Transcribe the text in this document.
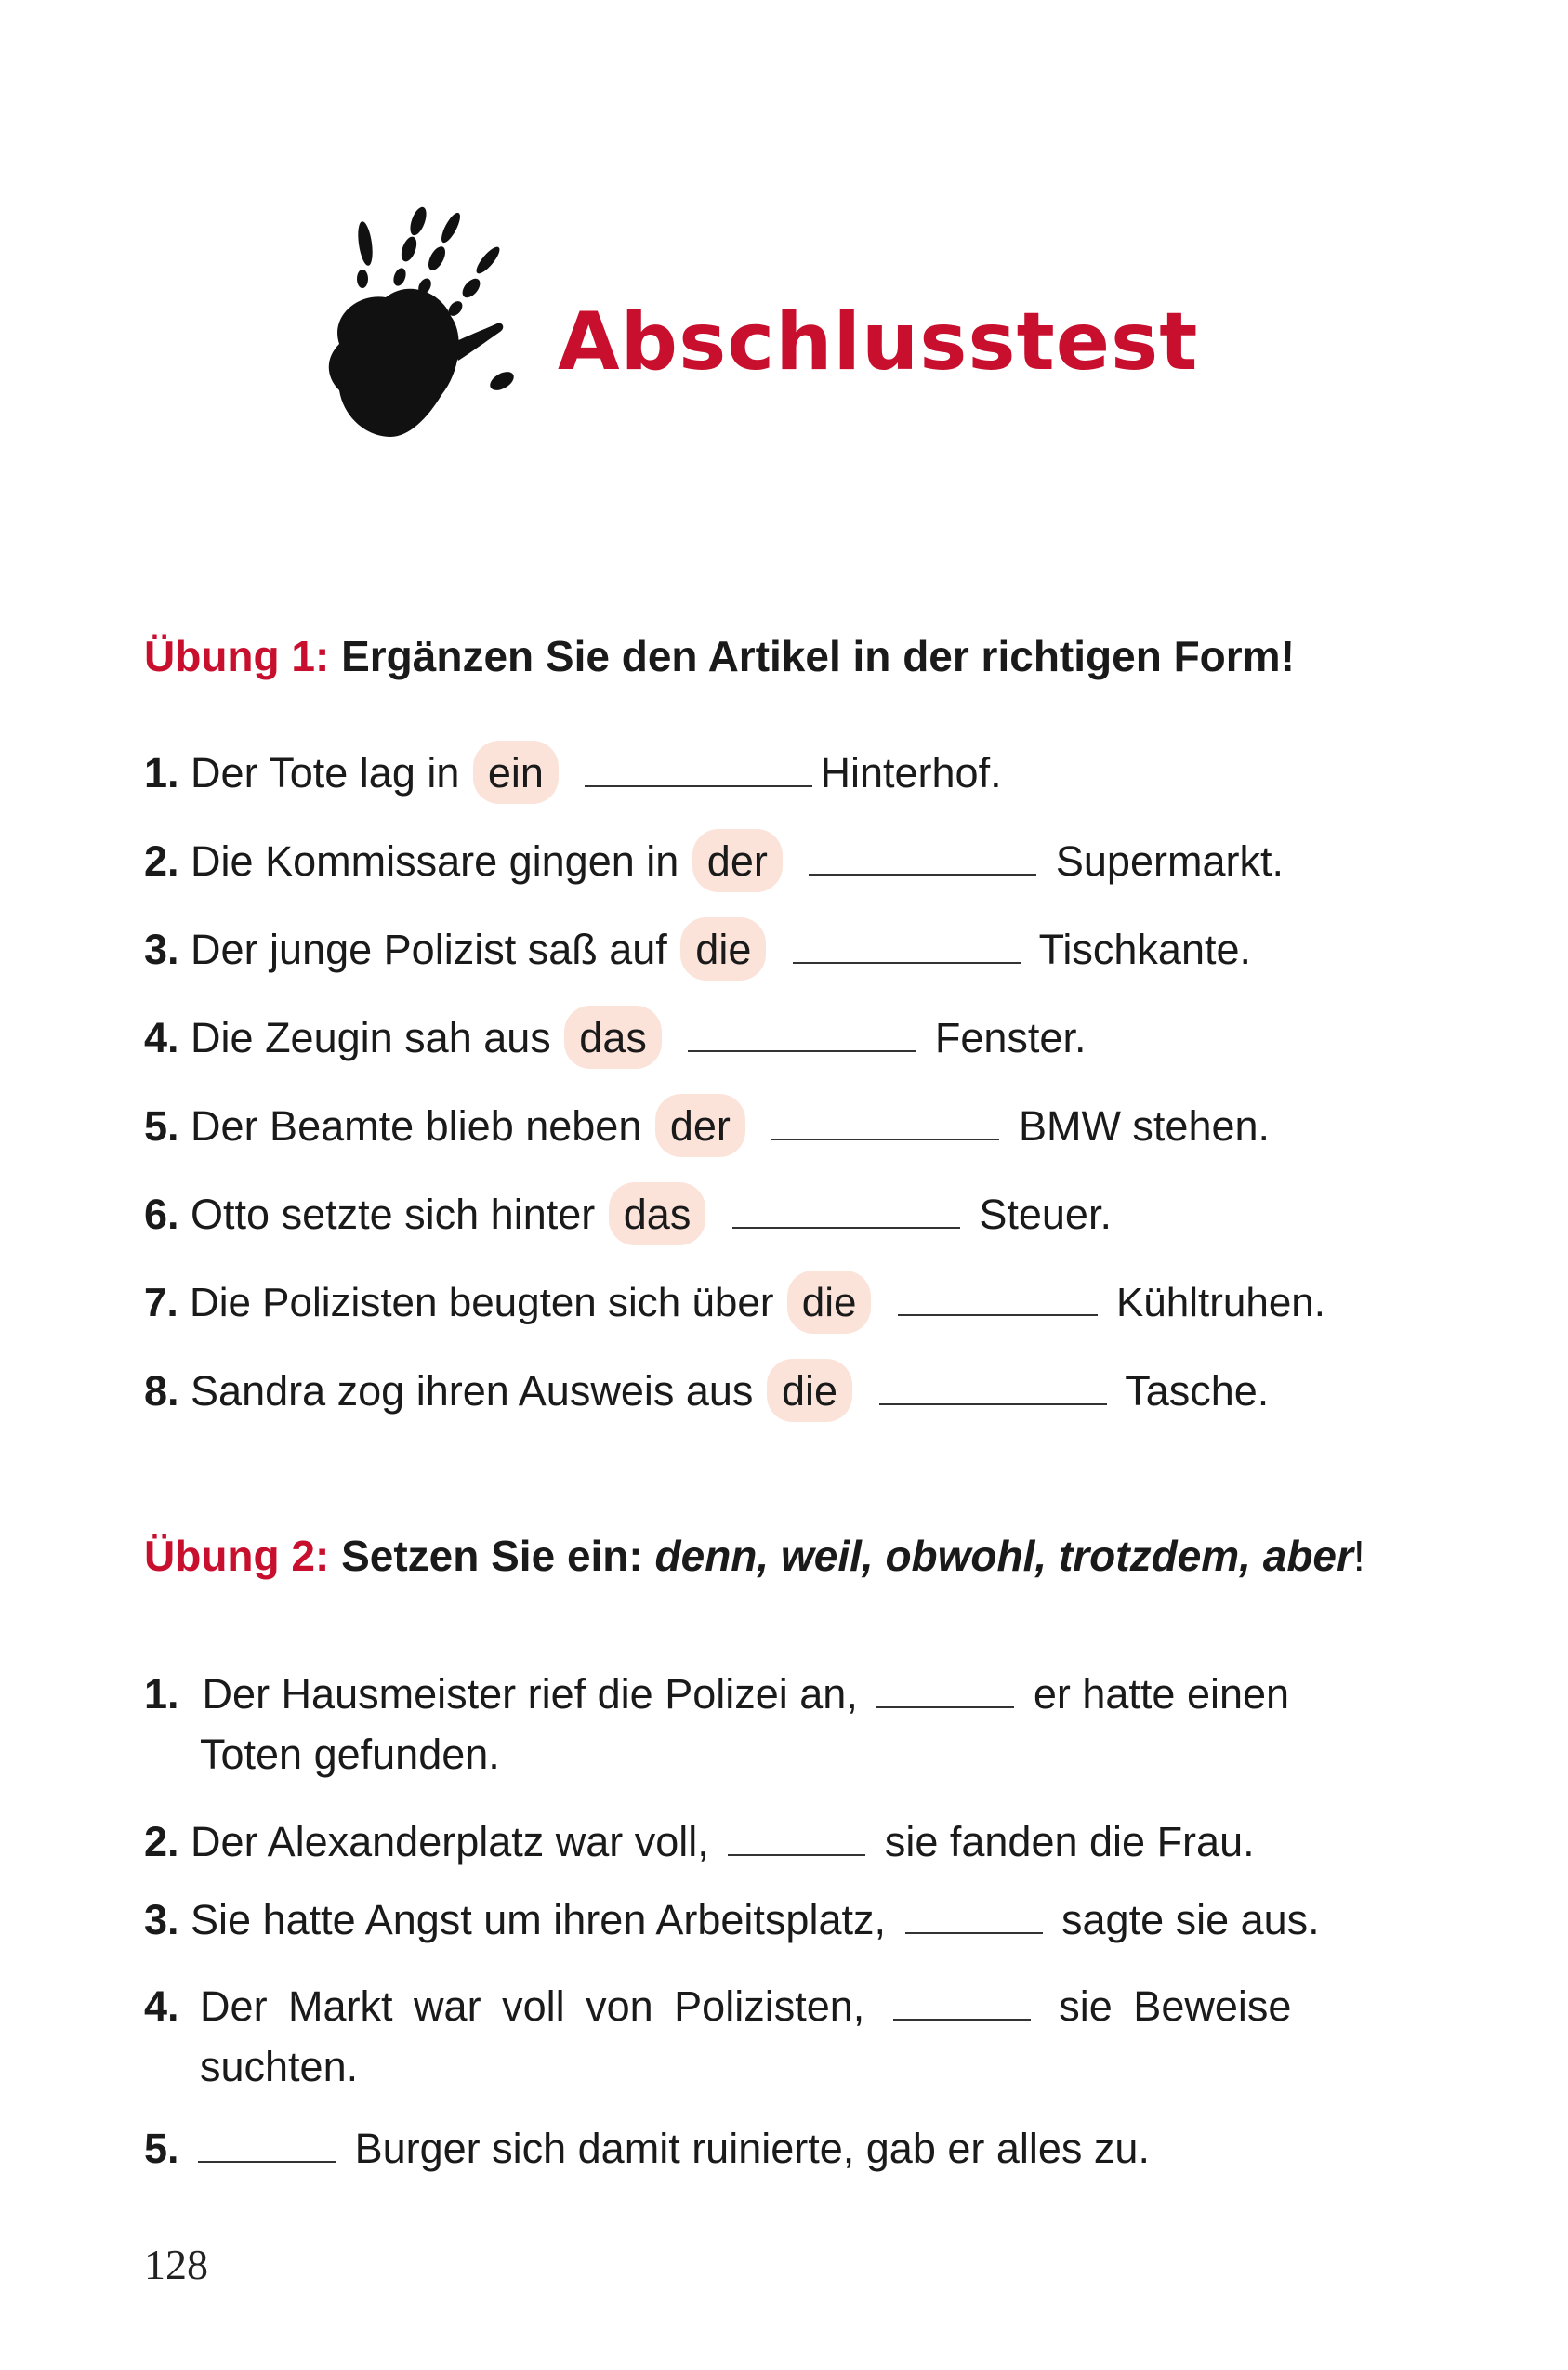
Abschlusstest
Übung 1: Ergänzen Sie den Artikel in der richtigen Form!
1. Der Tote lag in ein	Hinterhof.
2. Die Kommissare gingen in der	Supermarkt.
3. Der junge Polizist saß auf die	Tischkante.
4. Die Zeugin sah aus das	Fenster.
5. Der Beamte blieb neben der	BMW stehen.
6. Otto setzte sich hinter das	Steuer.
7. Die Polizisten beugten sich über die	Kühltruhen.
8. Sandra zog ihren Ausweis aus die	Tasche.
Übung 2: Setzen Sie ein: denn, weil, obwohl, trotzdem, aber!
1. Der Hausmeister rief die Polizei an,	er hatte einen
Toten gefunden.
2. Der Alexanderplatz war voll,	sie fanden die Frau.
3. Sie hatte Angst um ihren Arbeitsplatz,	sagte sie aus.
4. Der Markt war voll von Polizisten,	sie Beweise
suchten.
5.	Burger sich damit ruinierte, gab er alles zu.
128
